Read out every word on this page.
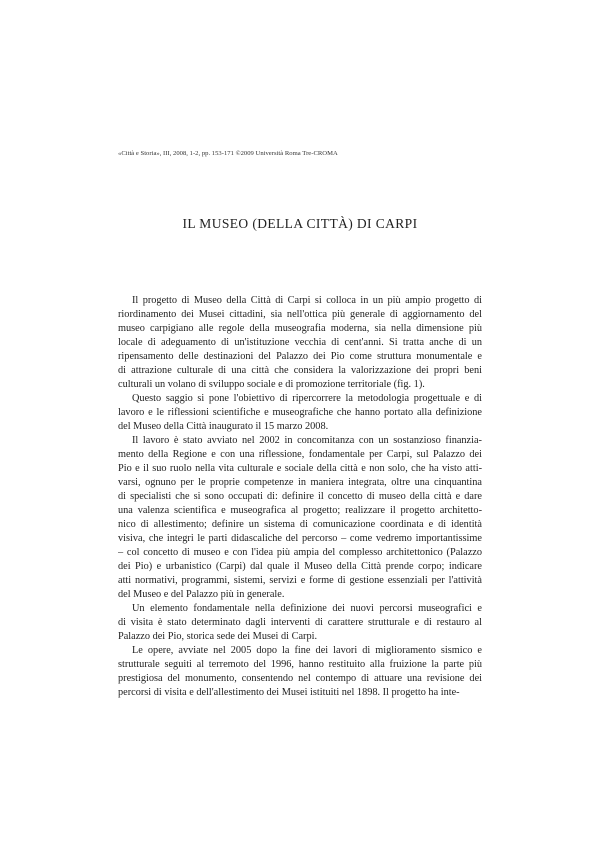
«Città e Storia», III, 2008, 1-2, pp. 153-171 ©2009 Università Roma Tre-CROMA
IL MUSEO (DELLA CITTÀ) DI CARPI
Il progetto di Museo della Città di Carpi si colloca in un più ampio progetto di
riordinamento dei Musei cittadini, sia nell'ottica più generale di aggiornamento del
museo carpigiano alle regole della museografia moderna, sia nella dimensione più
locale di adeguamento di un'istituzione vecchia di cent'anni. Si tratta anche di un
ripensamento delle destinazioni del Palazzo dei Pio come struttura monumentale e
di attrazione culturale di una città che considera la valorizzazione dei propri beni
culturali un volano di sviluppo sociale e di promozione territoriale (fig. 1).
Questo saggio si pone l'obiettivo di ripercorrere la metodologia progettuale e di
lavoro e le riflessioni scientifiche e museografiche che hanno portato alla definizione
del Museo della Città inaugurato il 15 marzo 2008.
Il lavoro è stato avviato nel 2002 in concomitanza con un sostanzioso finanzia-
mento della Regione e con una riflessione, fondamentale per Carpi, sul Palazzo dei
Pio e il suo ruolo nella vita culturale e sociale della città e non solo, che ha visto atti-
varsi, ognuno per le proprie competenze in maniera integrata, oltre una cinquantina
di specialisti che si sono occupati di: definire il concetto di museo della città e dare
una valenza scientifica e museografica al progetto; realizzare il progetto architetto-
nico di allestimento; definire un sistema di comunicazione coordinata e di identità
visiva, che integri le parti didascaliche del percorso – come vedremo importantissime
– col concetto di museo e con l'idea più ampia del complesso architettonico (Palazzo
dei Pio) e urbanistico (Carpi) dal quale il Museo della Città prende corpo; indicare
atti normativi, programmi, sistemi, servizi e forme di gestione essenziali per l'attività
del Museo e del Palazzo più in generale.
Un elemento fondamentale nella definizione dei nuovi percorsi museografici e
di visita è stato determinato dagli interventi di carattere strutturale e di restauro al
Palazzo dei Pio, storica sede dei Musei di Carpi.
Le opere, avviate nel 2005 dopo la fine dei lavori di miglioramento sismico e
strutturale seguiti al terremoto del 1996, hanno restituito alla fruizione la parte più
prestigiosa del monumento, consentendo nel contempo di attuare una revisione dei
percorsi di visita e dell'allestimento dei Musei istituiti nel 1898. Il progetto ha inte-
